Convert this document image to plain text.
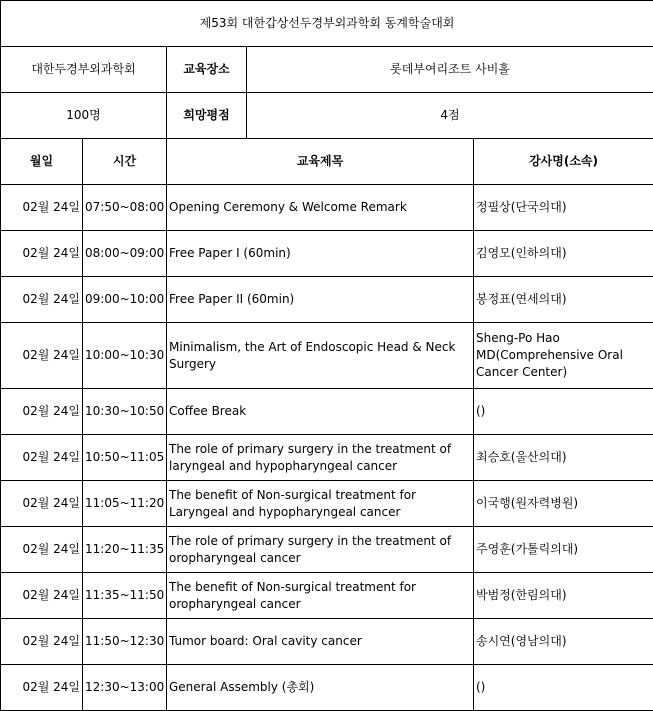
제53회 대한갑상선두경부외과학회 동계학술대회				
대한두경부외과학회		교육장소	롯데부여리조트 사비홀	
100명		희망평점	4점	
월일	시간	교육제목		강사명(소속)
02월 24일	07:50~08:00	Opening Ceremony & Welcome Remark		정필상(단국의대)
02월 24일	08:00~09:00	Free Paper I (60min)		김영모(인하의대)
02월 24일	09:00~10:00	Free Paper II (60min)		봉정표(연세의대)
02월 24일	10:00~10:30	Minimalism, the Art of Endoscopic Head & Neck Surgery		Sheng-Po Hao MD(Comprehensive Oral Cancer Center)
02월 24일	10:30~10:50	Coffee Break		()
02월 24일	10:50~11:05	The role of primary surgery in the treatment of laryngeal and hypopharyngeal cancer		최승호(울산의대)
02월 24일	11:05~11:20	The benefit of Non-surgical treatment for Laryngeal and hypopharyngeal cancer		이국행(원자력병원)
02월 24일	11:20~11:35	The role of primary surgery in the treatment of oropharyngeal cancer		주영훈(가톨릭의대)
02월 24일	11:35~11:50	The benefit of Non-surgical treatment for oropharyngeal cancer		박범정(한림의대)
02월 24일	11:50~12:30	Tumor board: Oral cavity cancer		송시연(영남의대)
02월 24일	12:30~13:00	General Assembly (총회)		()
